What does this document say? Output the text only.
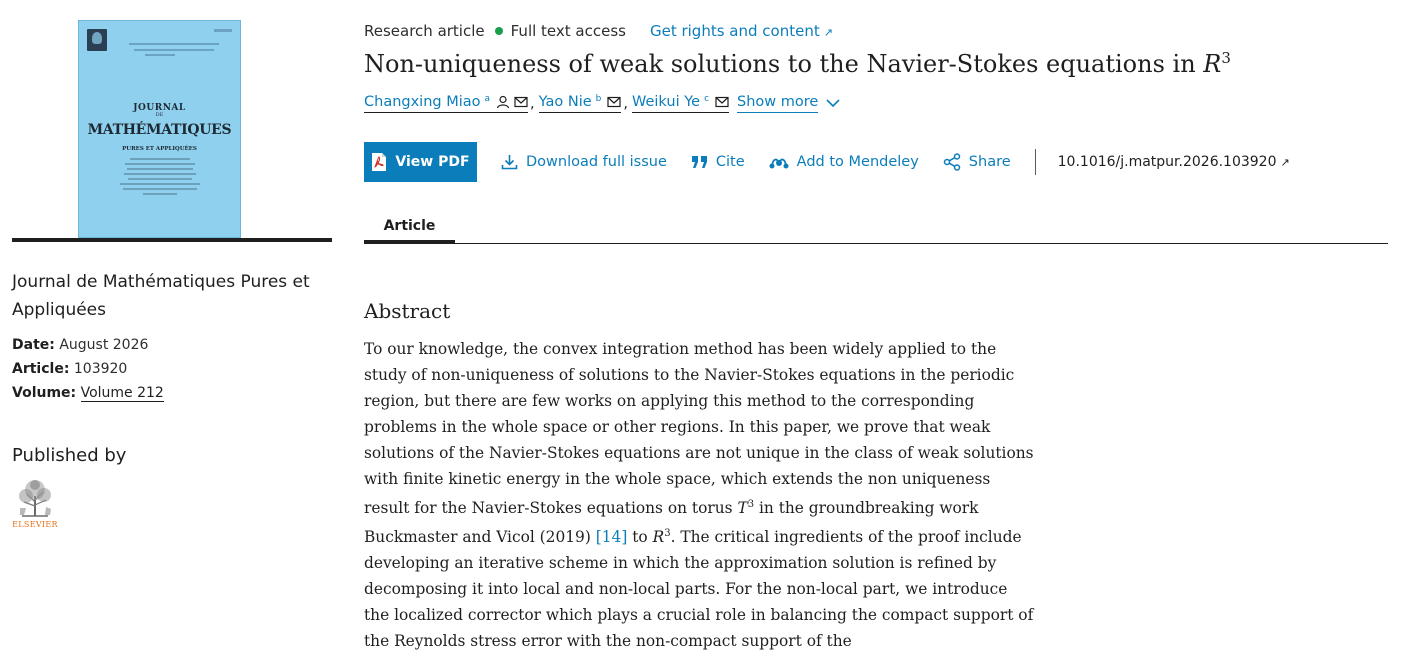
JOURNAL
DE
MATHÉMATIQUES
PURES ET APPLIQUÉES
Journal de Mathématiques Pures et Appliquées
Date: August 2026
Article: 103920
Volume: Volume 212
Published by
ELSEVIER
Research article Full text access Get rights and content ↗
Non-uniqueness of weak solutions to the Navier-Stokes equations in $R^3$
Changxing Miao $^a$	, Yao Nie $^b$ , Weikui Ye $^c$ Show more
View PDF	Download full issue	Cite	Add to Mendeley	Share	10.1016/j.matpur.2026.103920 ↗
Article
Abstract
To our knowledge, the convex integration method has been widely applied to the study of non-uniqueness of solutions to the Navier-Stokes equations in the periodic region, but there are few works on applying this method to the corresponding problems in the whole space or other regions. In this paper, we prove that weak solutions of the Navier-Stokes equations are not unique in the class of weak solutions with finite kinetic energy in the whole space, which extends the non uniqueness result for the Navier-Stokes equations on torus $T^3$ in the groundbreaking work Buckmaster and Vicol (2019) [14] to $R^3$. The critical ingredients of the proof include developing an iterative scheme in which the approximation solution is refined by decomposing it into local and non-local parts. For the non-local part, we introduce the localized corrector which plays a crucial role in balancing the compact support of the Reynolds stress error with the non-compact support of the
